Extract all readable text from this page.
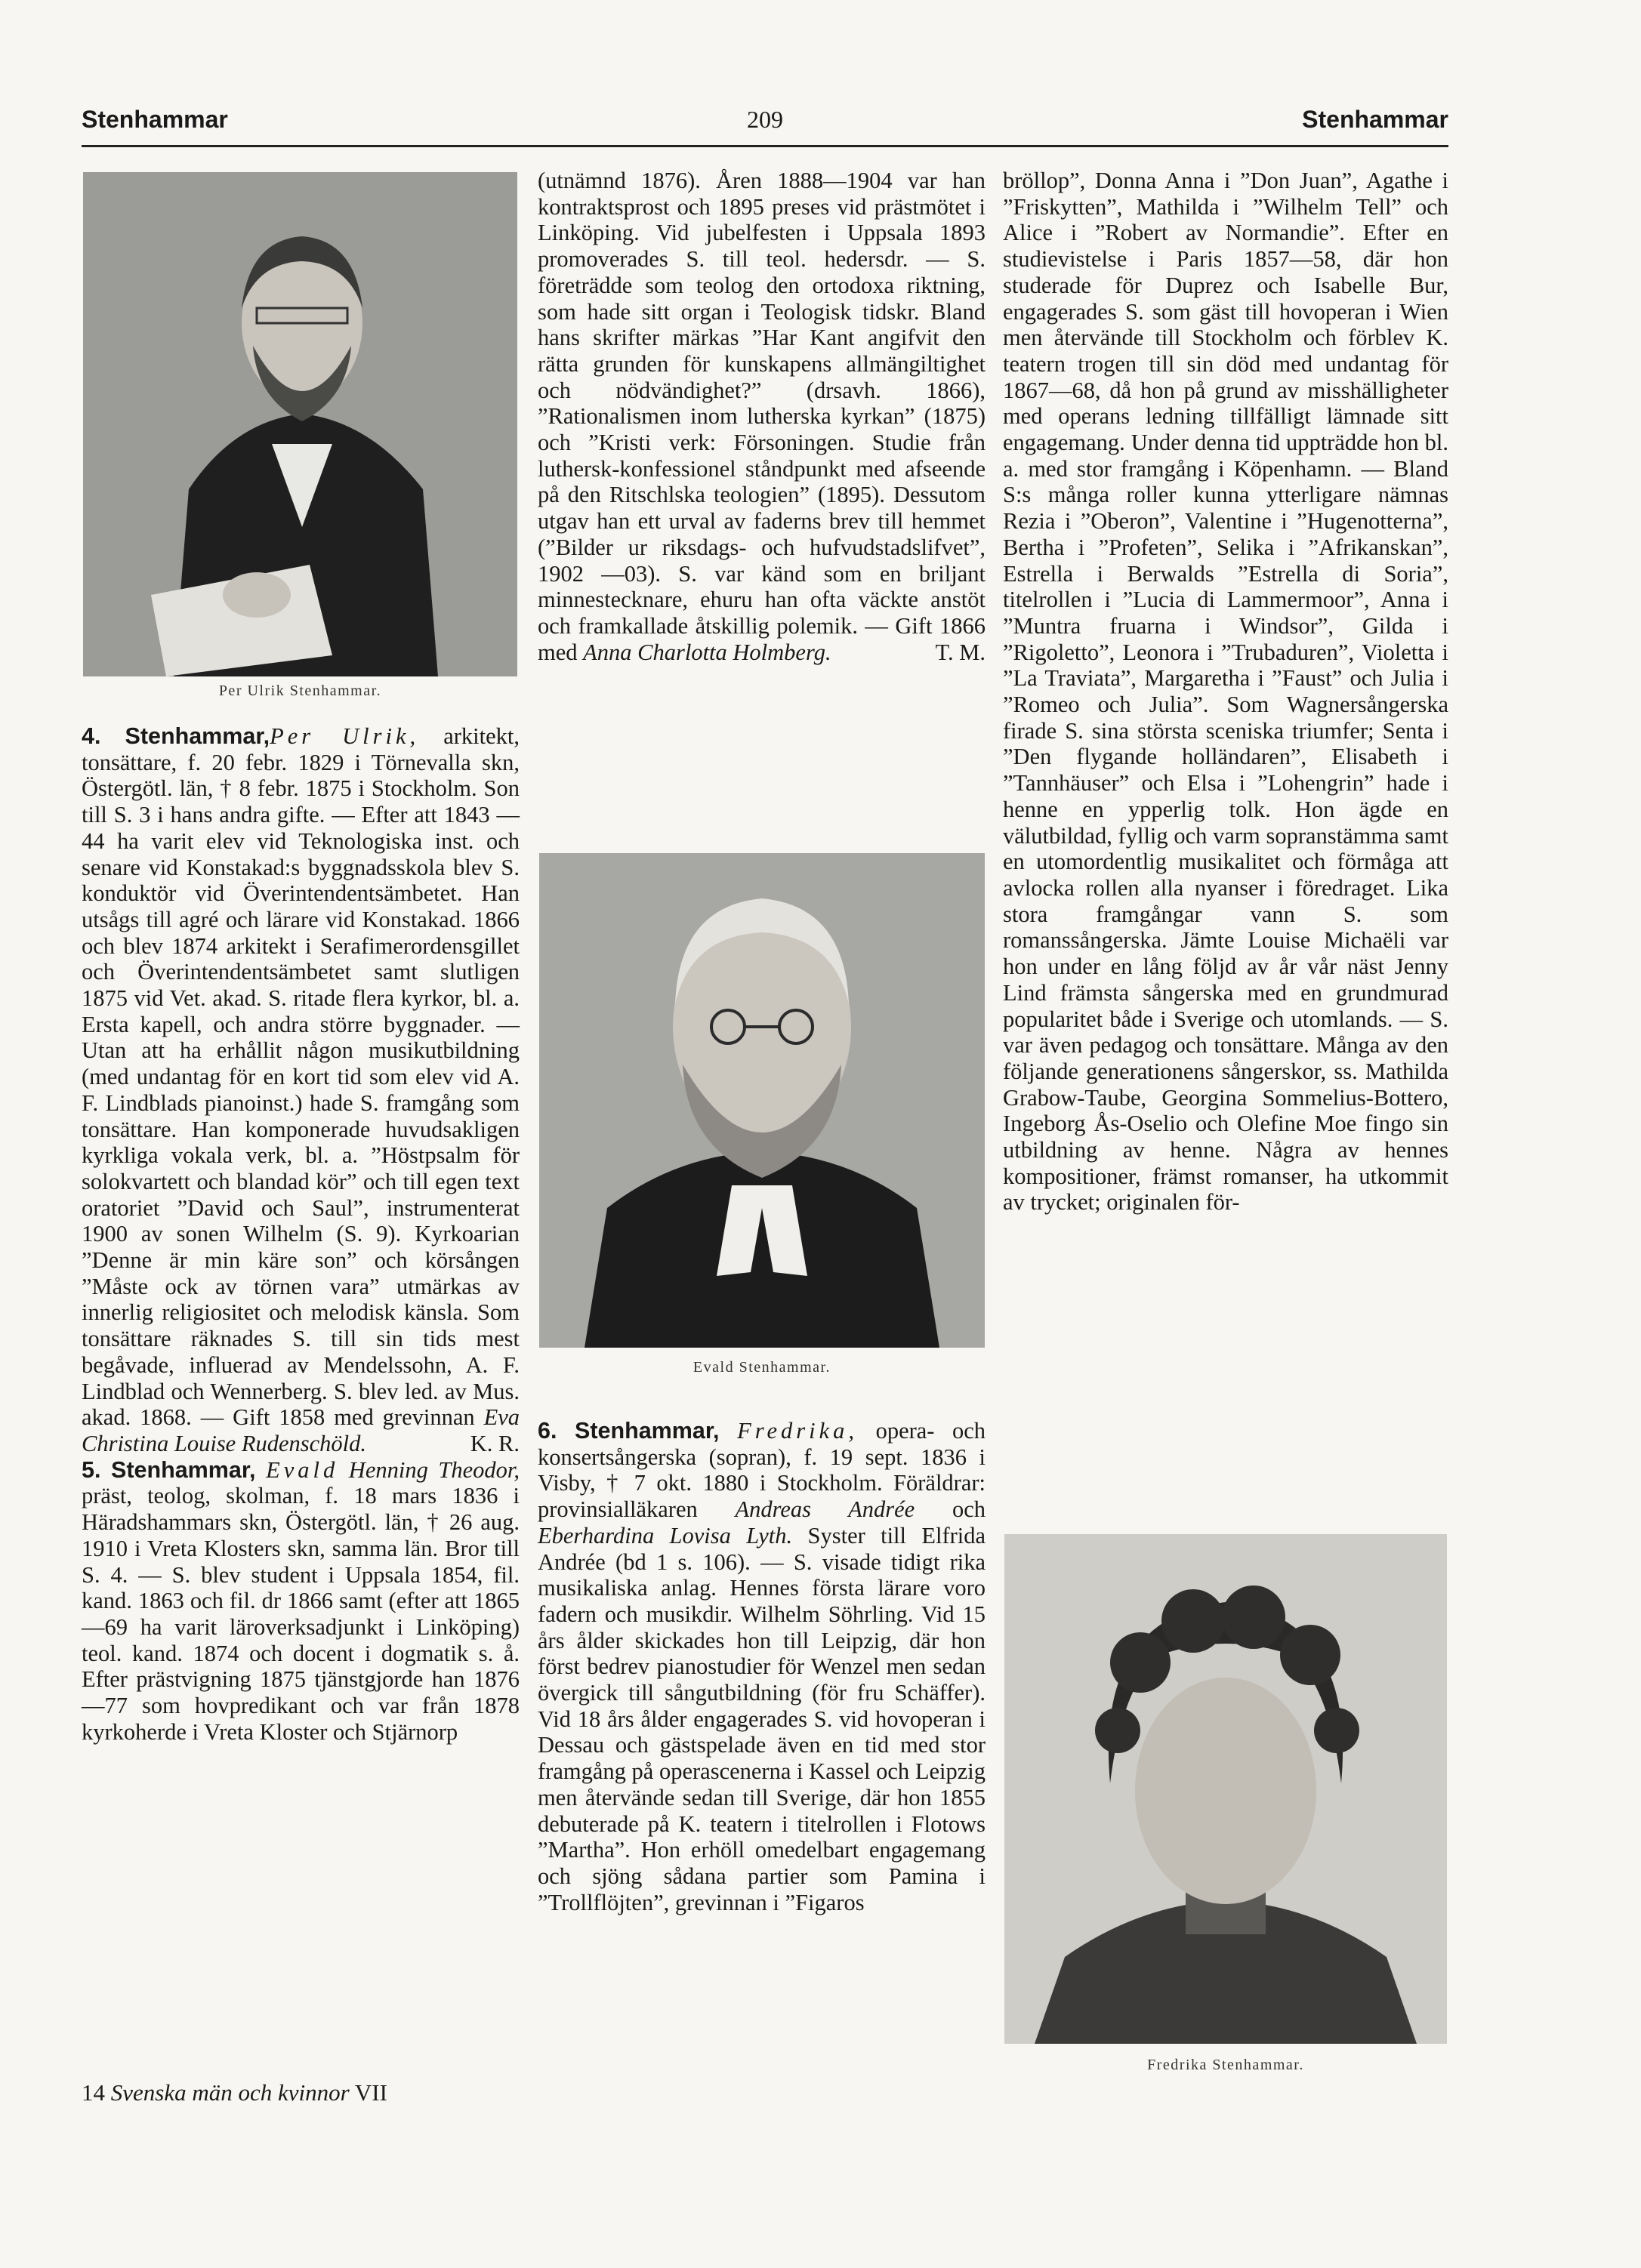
Stenhammar	209	Stenhammar
Per Ulrik Stenhammar.

4. Stenhammar,Per Ulrik, arkitekt, tonsättare, f. 20 febr. 1829 i Törnevalla skn, Östergötl. län, † 8 febr. 1875 i Stockholm. Son till S. 3 i hans andra gifte. — Efter att 1843 —44 ha varit elev vid Teknologiska inst. och senare vid Konstakad:s byggnadsskola blev S. konduktör vid Överintendentsämbetet. Han utsågs till agré och lärare vid Konstakad. 1866 och blev 1874 arkitekt i Serafimerordensgillet och Överintendentsämbetet samt slutligen 1875 vid Vet. akad. S. ritade flera kyrkor, bl. a. Ersta kapell, och andra större byggnader. — Utan att ha erhållit någon musikutbildning (med undantag för en kort tid som elev vid A. F. Lindblads pianoinst.) hade S. framgång som tonsättare. Han komponerade huvudsakligen kyrkliga vokala verk, bl. a. ”Höstpsalm för solokvartett och blandad kör” och till egen text oratoriet ”David och Saul”, instrumenterat 1900 av sonen Wilhelm (S. 9). Kyrkoarian ”Denne är min käre son” och körsången ”Måste ock av törnen vara” utmärkas av innerlig religiositet och melodisk känsla. Som tonsättare räknades S. till sin tids mest begåvade, influerad av Mendelssohn, A. F. Lindblad och Wennerberg. S. blev led. av Mus. akad. 1868. — Gift 1858 med grevinnan Eva Christina Louise Rudenschöld.	K. R.

5. Stenhammar, Evald Henning Theodor, präst, teolog, skolman, f. 18 mars 1836 i Häradshammars skn, Östergötl. län, † 26 aug. 1910 i Vreta Klosters skn, samma län. Bror till S. 4. — S. blev student i Uppsala 1854, fil. kand. 1863 och fil. dr 1866 samt (efter att 1865—69 ha varit läroverksadjunkt i Linköping) teol. kand. 1874 och docent i dogmatik s. å. Efter prästvigning 1875 tjänstgjorde han 1876—77 som hovpredikant och var från 1878 kyrkoherde i Vreta Kloster och Stjärnorp

(utnämnd 1876). Åren 1888—1904 var han kontraktsprost och 1895 preses vid prästmötet i Linköping. Vid jubelfesten i Uppsala 1893 promoverades S. till teol. hedersdr. — S. företrädde som teolog den ortodoxa riktning, som hade sitt organ i Teologisk tidskr. Bland hans skrifter märkas ”Har Kant angifvit den rätta grunden för kunskapens allmängiltighet och nödvändighet?” (drsavh. 1866), ”Rationalismen inom lutherska kyrkan” (1875) och ”Kristi verk: Försoningen. Studie från luthersk-konfessionel ståndpunkt med afseende på den Ritschlska teologien” (1895). Dessutom utgav han ett urval av faderns brev till hemmet (”Bilder ur riksdags- och hufvudstadslifvet”, 1902 —03). S. var känd som en briljant minnestecknare, ehuru han ofta väckte anstöt och framkallade åtskillig polemik. — Gift 1866 med Anna Charlotta Holmberg.	T. M.

Evald Stenhammar.

6. Stenhammar, Fredrika, opera- och konsertsångerska (sopran), f. 19 sept. 1836 i Visby, † 7 okt. 1880 i Stockholm. Föräldrar: provinsialläkaren Andreas Andrée och Eberhardina Lovisa Lyth. Syster till Elfrida Andrée (bd 1 s. 106). — S. visade tidigt rika musikaliska anlag. Hennes första lärare voro fadern och musikdir. Wilhelm Söhrling. Vid 15 års ålder skickades hon till Leipzig, där hon först bedrev pianostudier för Wenzel men sedan övergick till sångutbildning (för fru Schäffer). Vid 18 års ålder engagerades S. vid hovoperan i Dessau och gästspelade även en tid med stor framgång på operascenerna i Kassel och Leipzig men återvände sedan till Sverige, där hon 1855 debuterade på K. teatern i titelrollen i Flotows ”Martha”. Hon erhöll omedelbart engagemang och sjöng sådana partier som Pamina i ”Trollflöjten”, grevinnan i ”Figaros

bröllop”, Donna Anna i ”Don Juan”, Agathe i ”Friskytten”, Mathilda i ”Wilhelm Tell” och Alice i ”Robert av Normandie”. Efter en studievistelse i Paris 1857—58, där hon studerade för Duprez och Isabelle Bur, engagerades S. som gäst till hovoperan i Wien men återvände till Stockholm och förblev K. teatern trogen till sin död med undantag för 1867—68, då hon på grund av misshälligheter med operans ledning tillfälligt lämnade sitt engagemang. Under denna tid uppträdde hon bl. a. med stor framgång i Köpenhamn. — Bland S:s många roller kunna ytterligare nämnas Rezia i ”Oberon”, Valentine i ”Hugenotterna”, Bertha i ”Profeten”, Selika i ”Afrikanskan”, Estrella i Berwalds ”Estrella di Soria”, titelrollen i ”Lucia di Lammermoor”, Anna i ”Muntra fruarna i Windsor”, Gilda i ”Rigoletto”, Leonora i ”Trubaduren”, Violetta i ”La Traviata”, Margaretha i ”Faust” och Julia i ”Romeo och Julia”. Som Wagnersångerska firade S. sina största sceniska triumfer; Senta i ”Den flygande holländaren”, Elisabeth i ”Tannhäuser” och Elsa i ”Lohengrin” hade i henne en ypperlig tolk. Hon ägde en välutbildad, fyllig och varm sopranstämma samt en utomordentlig musikalitet och förmåga att avlocka rollen alla nyanser i föredraget. Lika stora framgångar vann S. som romanssångerska. Jämte Louise Michaëli var hon under en lång följd av år vår näst Jenny Lind främsta sångerska med en grundmurad popularitet både i Sverige och utomlands. — S. var även pedagog och tonsättare. Många av den följande generationens sångerskor, ss. Mathilda Grabow-Taube, Georgina Sommelius-Bottero, Ingeborg Ås-Oselio och Olefine Moe fingo sin utbildning av henne. Några av hennes kompositioner, främst romanser, ha utkommit av trycket; originalen för-

Fredrika Stenhammar.
14 Svenska män och kvinnor VII
